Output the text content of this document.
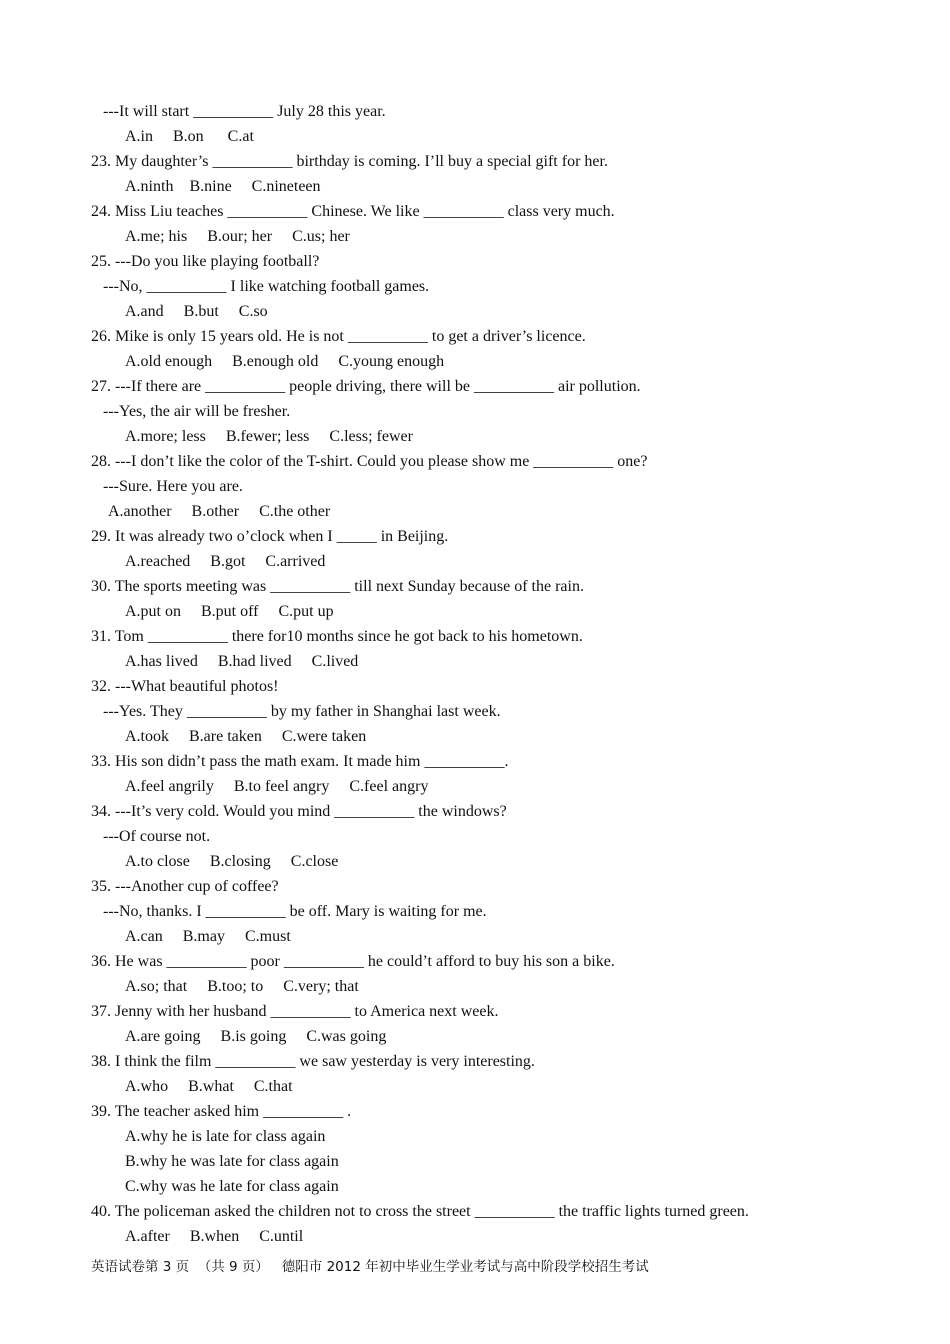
---It will start __________ July 28 this year.
A.in     B.on      C.at
23. My daughter’s __________ birthday is coming. I’ll buy a special gift for her.
A.ninth    B.nine     C.nineteen
24. Miss Liu teaches __________ Chinese. We like __________ class very much.
A.me; his     B.our; her     C.us; her
25. ---Do you like playing football?
---No, __________ I like watching football games.
A.and     B.but     C.so
26. Mike is only 15 years old. He is not __________ to get a driver’s licence.
A.old enough     B.enough old     C.young enough
27. ---If there are __________ people driving, there will be __________ air pollution.
---Yes, the air will be fresher.
A.more; less     B.fewer; less     C.less; fewer
28. ---I don’t like the color of the T-shirt. Could you please show me __________ one?
---Sure. Here you are.
A.another     B.other     C.the other
29. It was already two o’clock when I _____ in Beijing.
A.reached     B.got     C.arrived
30. The sports meeting was __________ till next Sunday because of the rain.
A.put on     B.put off     C.put up
31. Tom __________ there for10 months since he got back to his hometown.
A.has lived     B.had lived     C.lived
32. ---What beautiful photos!
---Yes. They __________ by my father in Shanghai last week.
A.took     B.are taken     C.were taken
33. His son didn’t pass the math exam. It made him __________.
A.feel angrily     B.to feel angry     C.feel angry
34. ---It’s very cold. Would you mind __________ the windows?
---Of course not.
A.to close     B.closing     C.close
35. ---Another cup of coffee?
---No, thanks. I __________ be off. Mary is waiting for me.
A.can     B.may     C.must
36. He was __________ poor __________ he could’t afford to buy his son a bike.
A.so; that     B.too; to     C.very; that
37. Jenny with her husband __________ to America next week.
A.are going     B.is going     C.was going
38. I think the film __________ we saw yesterday is very interesting.
A.who     B.what     C.that
39. The teacher asked him __________ .
A.why he is late for class again
B.why he was late for class again
C.why was he late for class again
40. The policeman asked the children not to cross the street __________ the traffic lights turned green.
A.after     B.when     C.until
英语试卷第 3 页  （共 9 页）   德阳市 2012 年初中毕业生学业考试与高中阶段学校招生考试
